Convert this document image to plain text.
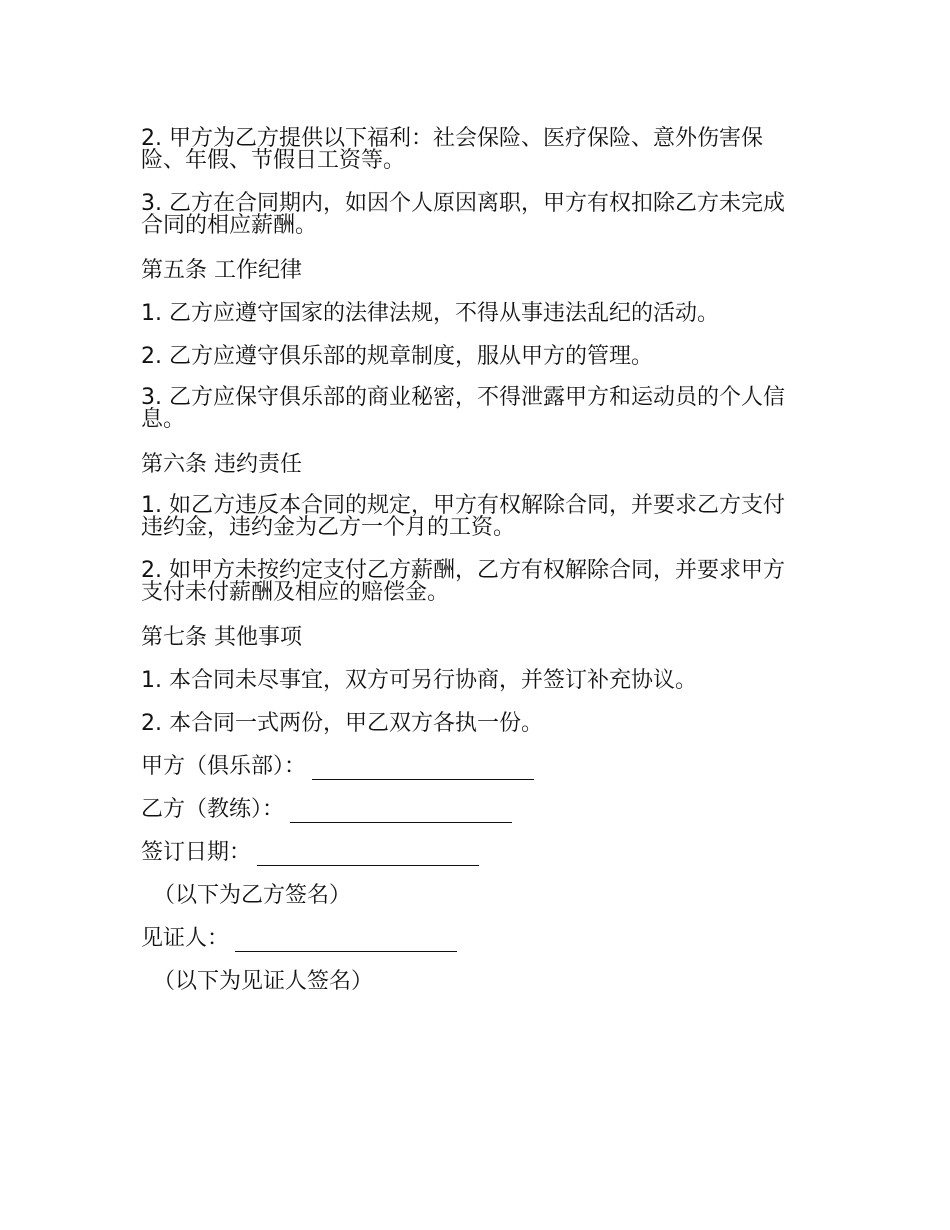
2. 甲方为乙方提供以下福利：社会保险、医疗保险、意外伤害保险、年假、节假日工资等。

3. 乙方在合同期内，如因个人原因离职，甲方有权扣除乙方未完成合同的相应薪酬。

第五条 工作纪律

1. 乙方应遵守国家的法律法规，不得从事违法乱纪的活动。

2. 乙方应遵守俱乐部的规章制度，服从甲方的管理。

3. 乙方应保守俱乐部的商业秘密，不得泄露甲方和运动员的个人信息。

第六条 违约责任

1. 如乙方违反本合同的规定，甲方有权解除合同，并要求乙方支付违约金，违约金为乙方一个月的工资。

2. 如甲方未按约定支付乙方薪酬，乙方有权解除合同，并要求甲方支付未付薪酬及相应的赔偿金。

第七条 其他事项

1. 本合同未尽事宜，双方可另行协商，并签订补充协议。

2. 本合同一式两份，甲乙双方各执一份。

甲方（俱乐部）：
乙方（教练）：
签订日期：
（以下为乙方签名）
见证人：
（以下为见证人签名）
